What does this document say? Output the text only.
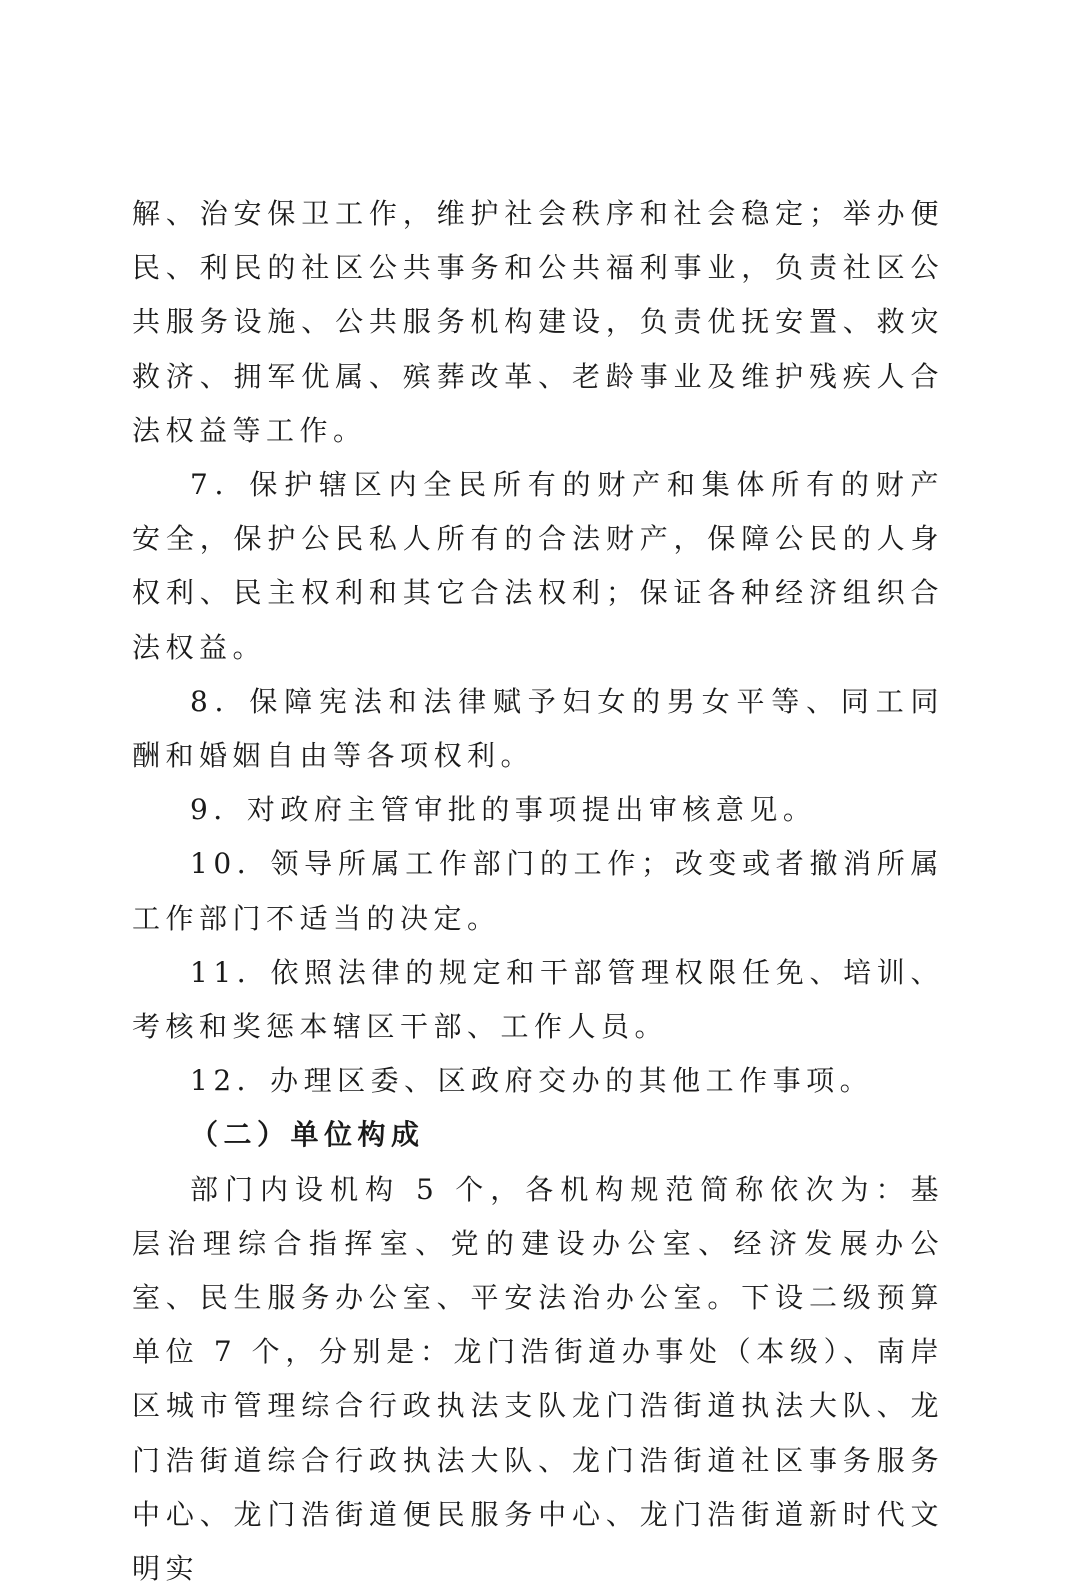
解、治安保卫工作，维护社会秩序和社会稳定；举办便民、利民的社区公共事务和公共福利事业，负责社区公共服务设施、公共服务机构建设，负责优抚安置、救灾救济、拥军优属、殡葬改革、老龄事业及维护残疾人合法权益等工作。

7．保护辖区内全民所有的财产和集体所有的财产安全，保护公民私人所有的合法财产，保障公民的人身权利、民主权利和其它合法权利；保证各种经济组织合法权益。

8．保障宪法和法律赋予妇女的男女平等、同工同酬和婚姻自由等各项权利。

9．对政府主管审批的事项提出审核意见。

10．领导所属工作部门的工作；改变或者撤消所属工作部门不适当的决定。

11．依照法律的规定和干部管理权限任免、培训、考核和奖惩本辖区干部、工作人员。

12．办理区委、区政府交办的其他工作事项。

（二）单位构成

部门内设机构 5 个，各机构规范简称依次为：基层治理综合指挥室、党的建设办公室、经济发展办公室、民生服务办公室、平安法治办公室。下设二级预算单位 7 个，分别是：龙门浩街道办事处（本级）、南岸区城市管理综合行政执法支队龙门浩街道执法大队、龙门浩街道综合行政执法大队、龙门浩街道社区事务服务中心、龙门浩街道便民服务中心、龙门浩街道新时代文明实
